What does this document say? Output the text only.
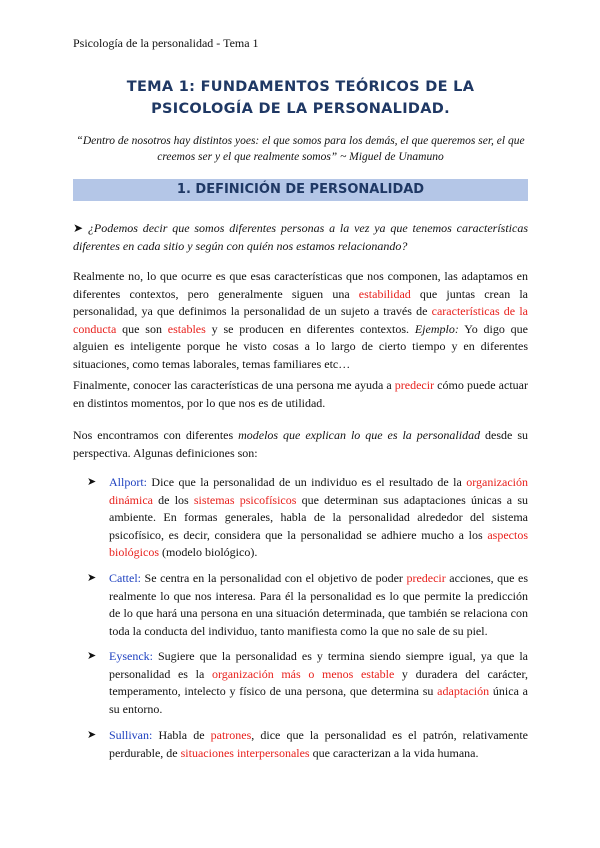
Psicología de la personalidad - Tema 1
TEMA 1: FUNDAMENTOS TEÓRICOS DE LA
PSICOLOGÍA DE LA PERSONALIDAD.
“Dentro de nosotros hay distintos yoes: el que somos para los demás, el que queremos ser, el que creemos ser y el que realmente somos” ~ Miguel de Unamuno
1. DEFINICIÓN DE PERSONALIDAD
➤ ¿Podemos decir que somos diferentes personas a la vez ya que tenemos características diferentes en cada sitio y según con quién nos estamos relacionando?
Realmente no, lo que ocurre es que esas características que nos componen, las adaptamos en diferentes contextos, pero generalmente siguen una estabilidad que juntas crean la personalidad, ya que definimos la personalidad de un sujeto a través de características de la conducta que son estables y se producen en diferentes contextos. Ejemplo: Yo digo que alguien es inteligente porque he visto cosas a lo largo de cierto tiempo y en diferentes situaciones, como temas laborales, temas familiares etc…
Finalmente, conocer las características de una persona me ayuda a predecir cómo puede actuar en distintos momentos, por lo que nos es de utilidad.
Nos encontramos con diferentes modelos que explican lo que es la personalidad desde su perspectiva. Algunas definiciones son:
➤ Allport: Dice que la personalidad de un individuo es el resultado de la organización dinámica de los sistemas psicofísicos que determinan sus adaptaciones únicas a su ambiente. En formas generales, habla de la personalidad alrededor del sistema psicofísico, es decir, considera que la personalidad se adhiere mucho a los aspectos biológicos (modelo biológico).
➤ Cattel: Se centra en la personalidad con el objetivo de poder predecir acciones, que es realmente lo que nos interesa. Para él la personalidad es lo que permite la predicción de lo que hará una persona en una situación determinada, que también se relaciona con toda la conducta del individuo, tanto manifiesta como la que no sale de su piel.
➤ Eysenck: Sugiere que la personalidad es y termina siendo siempre igual, ya que la personalidad es la organización más o menos estable y duradera del carácter, temperamento, intelecto y físico de una persona, que determina su adaptación única a su entorno.
➤ Sullivan: Habla de patrones, dice que la personalidad es el patrón, relativamente perdurable, de situaciones interpersonales que caracterizan a la vida humana.
